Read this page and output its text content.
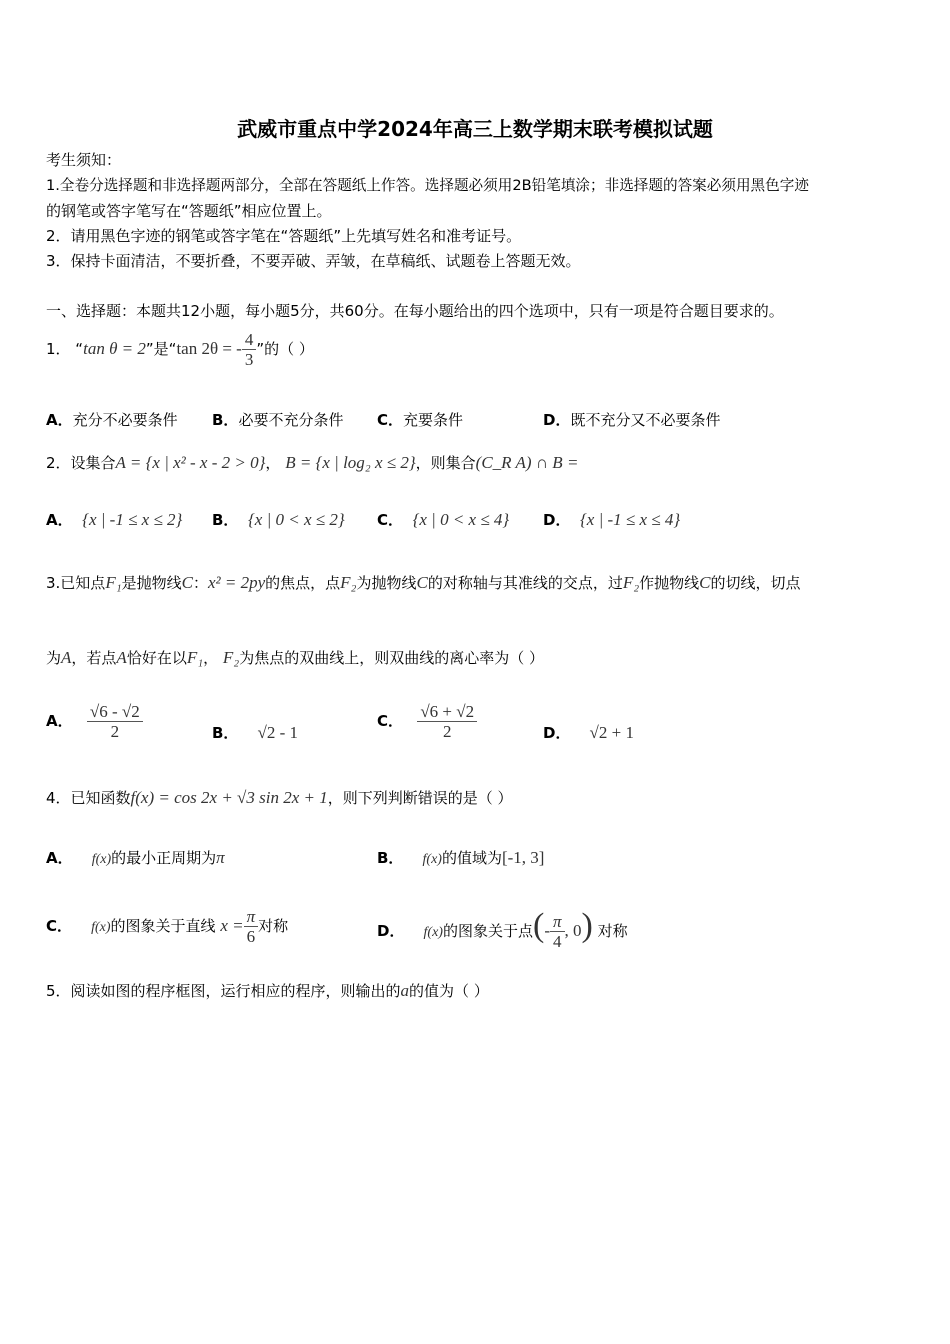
武威市重点中学2024年高三上数学期末联考模拟试题
考生须知：
1.全卷分选择题和非选择题两部分，全部在答题纸上作答。选择题必须用2B铅笔填涂；非选择题的答案必须用黑色字迹
的钢笔或答字笔写在“答题纸”相应位置上。
2．请用黑色字迹的钢笔或答字笔在“答题纸”上先填写姓名和准考证号。
3．保持卡面清洁，不要折叠，不要弄破、弄皱，在草稿纸、试题卷上答题无效。
一、选择题：本题共12小题，每小题5分，共60分。在每小题给出的四个选项中，只有一项是符合题目要求的。
1． “tan θ = 2”是“tan 2θ = - $\frac{4}{3}$ ”的（ ）
A．充分不必要条件 B．必要不充分条件 C．充要条件	D．既不充分又不必要条件
2．设集合A = {x | x² - x - 2 > 0}， B = {x | log₂ x ≤ 2}，则集合(C_R A) ∩ B =
A． {x | -1 ≤ x ≤ 2} B． {x | 0 < x ≤ 2} C． {x | 0 < x ≤ 4} D． {x | -1 ≤ x ≤ 4}
3.已知点F₁是抛物线C：x² = 2py的焦点，点F₂为抛物线C的对称轴与其准线的交点，过F₂作抛物线C的切线，切点
为A，若点A恰好在以F₁， F₂为焦点的双曲线上，则双曲线的离心率为（ ）
A． $\frac{√6 - √2}{2}$	B． √2 - 1
C． $\frac{√6 + √2}{2}$	D． √2 + 1
4．已知函数f(x) = cos 2x + √3 sin 2x + 1，则下列判断错误的是（ ）
A． f(x)的最小正周期为π	B． f(x)的值域为[-1, 3]
C． f(x)的图象关于直线 $x = \frac{\pi}{6}$ 对称	D． f(x)的图象关于点(- $\frac{\pi}{4}$ , 0) 对称
5．阅读如图的程序框图，运行相应的程序，则输出的a的值为（ ）
